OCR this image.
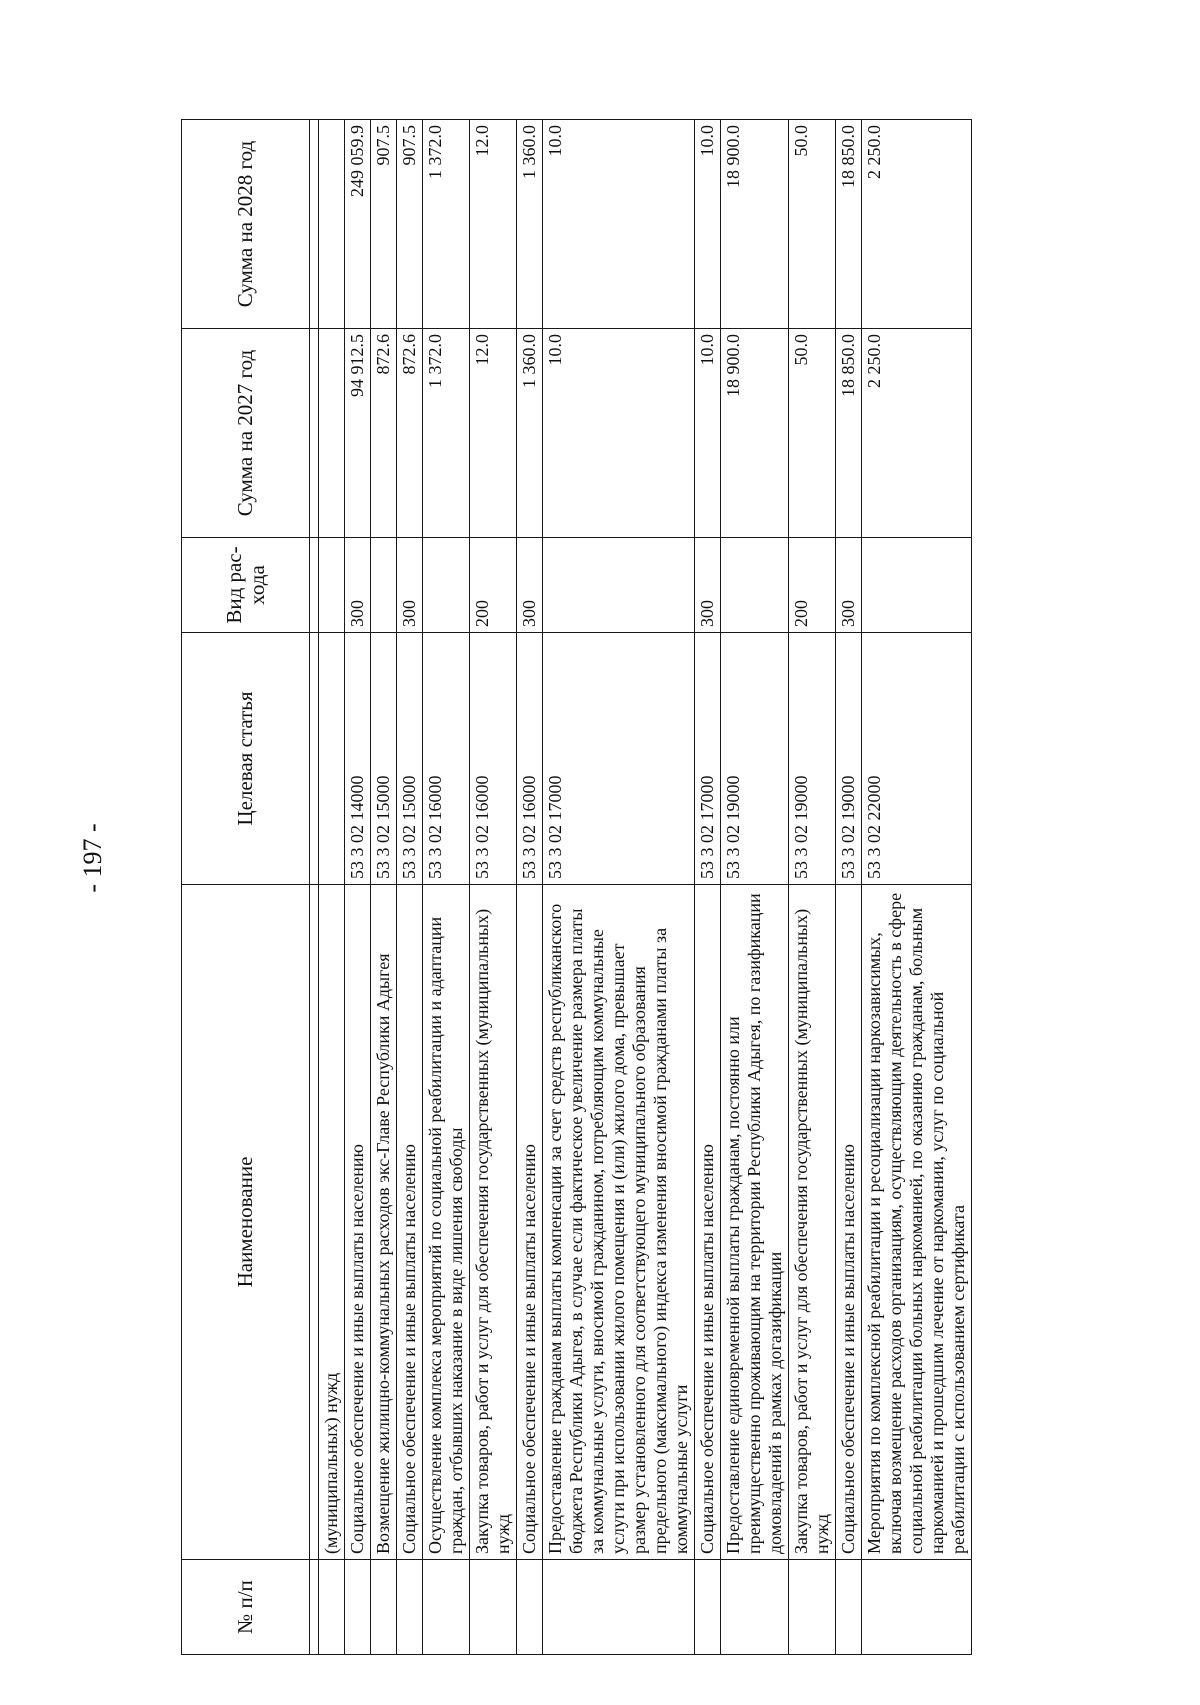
- 197 -
№ п/п	Наименование	Целевая статья	Вид рас-хода	Сумма на 2027 год	Сумма на 2028 год

	(муниципальных) нужд				
	Социальное обеспечение и иные выплаты населению	53 3 02 14000	300	94 912.5	249 059.9
	Возмещение жилищно-коммунальных расходов экс-Главе Республики Адыгея	53 3 02 15000		872.6	907.5
	Социальное обеспечение и иные выплаты населению	53 3 02 15000	300	872.6	907.5
	Осуществление комплекса мероприятий по социальной реабилитации и адаптации граждан, отбывших наказание в виде лишения свободы	53 3 02 16000		1 372.0	1 372.0
	Закупка товаров, работ и услуг для обеспечения государственных (муниципальных) нужд	53 3 02 16000	200	12.0	12.0
	Социальное обеспечение и иные выплаты населению	53 3 02 16000	300	1 360.0	1 360.0
	Предоставление гражданам выплаты компенсации за счет средств республиканского бюджета Республики Адыгея, в случае если фактическое увеличение размера платы за коммунальные услуги, вносимой гражданином, потребляющим коммунальные услуги при использовании жилого помещения и (или) жилого дома, превышает размер установленного для соответствующего муниципального образования предельного (максимального) индекса изменения вносимой гражданами платы за коммунальные услуги	53 3 02 17000		10.0	10.0
	Социальное обеспечение и иные выплаты населению	53 3 02 17000	300	10.0	10.0
	Предоставление единовременной выплаты гражданам, постоянно или преимущественно проживающим на территории Республики Адыгея, по газификации домовладений в рамках догазификации	53 3 02 19000		18 900.0	18 900.0
	Закупка товаров, работ и услуг для обеспечения государственных (муниципальных) нужд	53 3 02 19000	200	50.0	50.0
	Социальное обеспечение и иные выплаты населению	53 3 02 19000	300	18 850.0	18 850.0
	Мероприятия по комплексной реабилитации и ресоциализации наркозависимых, включая возмещение расходов организациям, осуществляющим деятельность в сфере социальной реабилитации больных наркоманией, по оказанию гражданам, больным наркоманией и прошедшим лечение от наркомании, услуг по социальной реабилитации с использованием сертификата	53 3 02 22000		2 250.0	2 250.0
